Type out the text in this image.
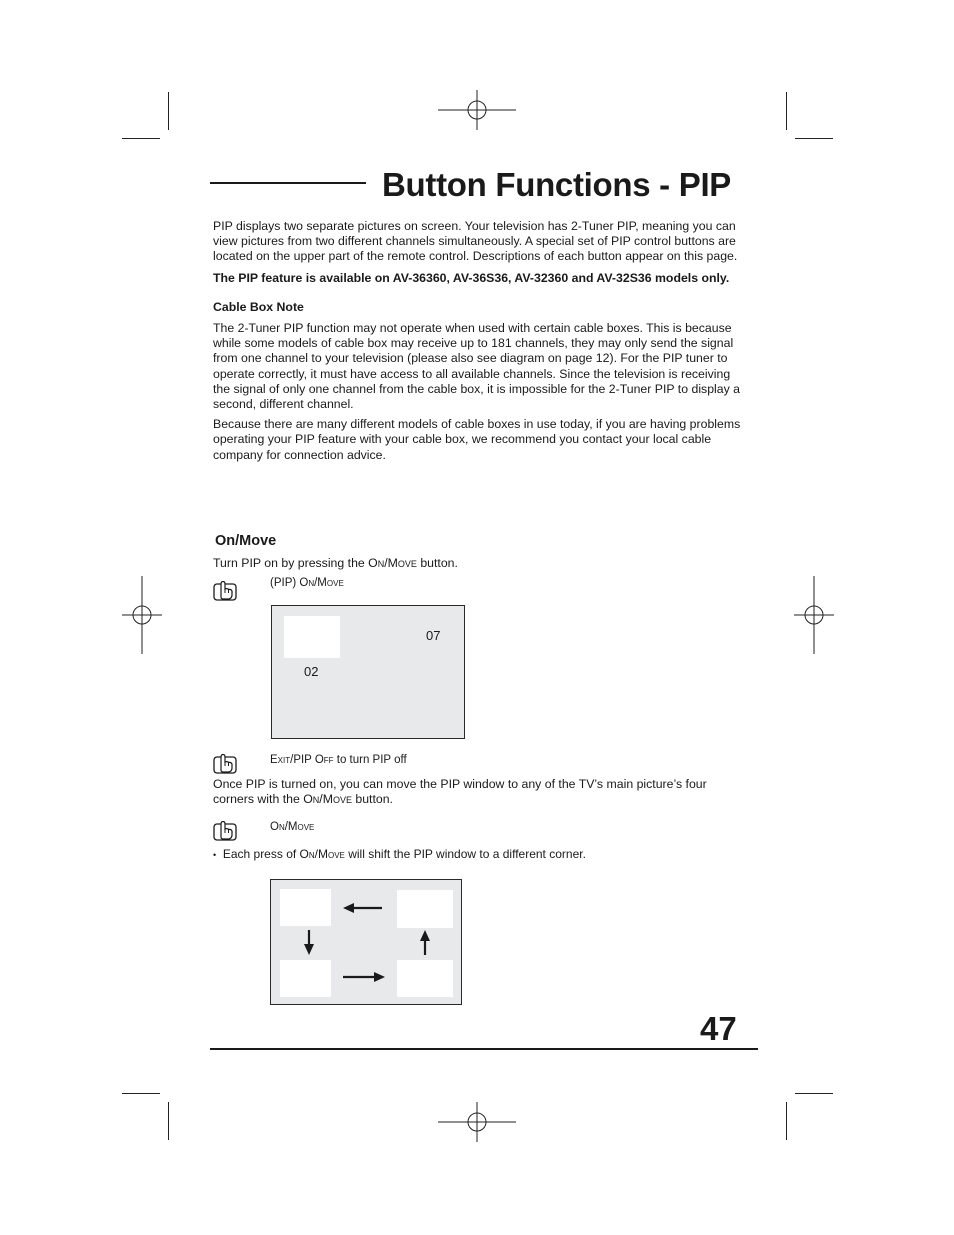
Button Functions - PIP

PIP displays two separate pictures on screen. Your television has 2-Tuner PIP, meaning you can view pictures from two different channels simultaneously. A special set of PIP control buttons are located on the upper part of the remote control. Descriptions of each button appear on this page.

The PIP feature is available on AV-36360, AV-36S36, AV-32360 and AV-32S36 models only.

Cable Box Note

The 2-Tuner PIP function may not operate when used with certain cable boxes. This is because while some models of cable box may receive up to 181 channels, they may only send the signal from one channel to your television (please also see diagram on page 12). For the PIP tuner to operate correctly, it must have access to all available channels. Since the television is receiving the signal of only one channel from the cable box, it is impossible for the 2-Tuner PIP to display a second, different channel.

Because there are many different models of cable boxes in use today, if you are having problems operating your PIP feature with your cable box, we recommend you contact your local cable company for connection advice.

On/Move
Turn PIP on by pressing the On/Move button.
(PIP) On/Move
02
07
Exit/PIP Off to turn PIP off
Once PIP is turned on, you can move the PIP window to any of the TV’s main picture’s four
corners with the On/Move button.
On/Move
• Each press of On/Move will shift the PIP window to a different corner.
47
